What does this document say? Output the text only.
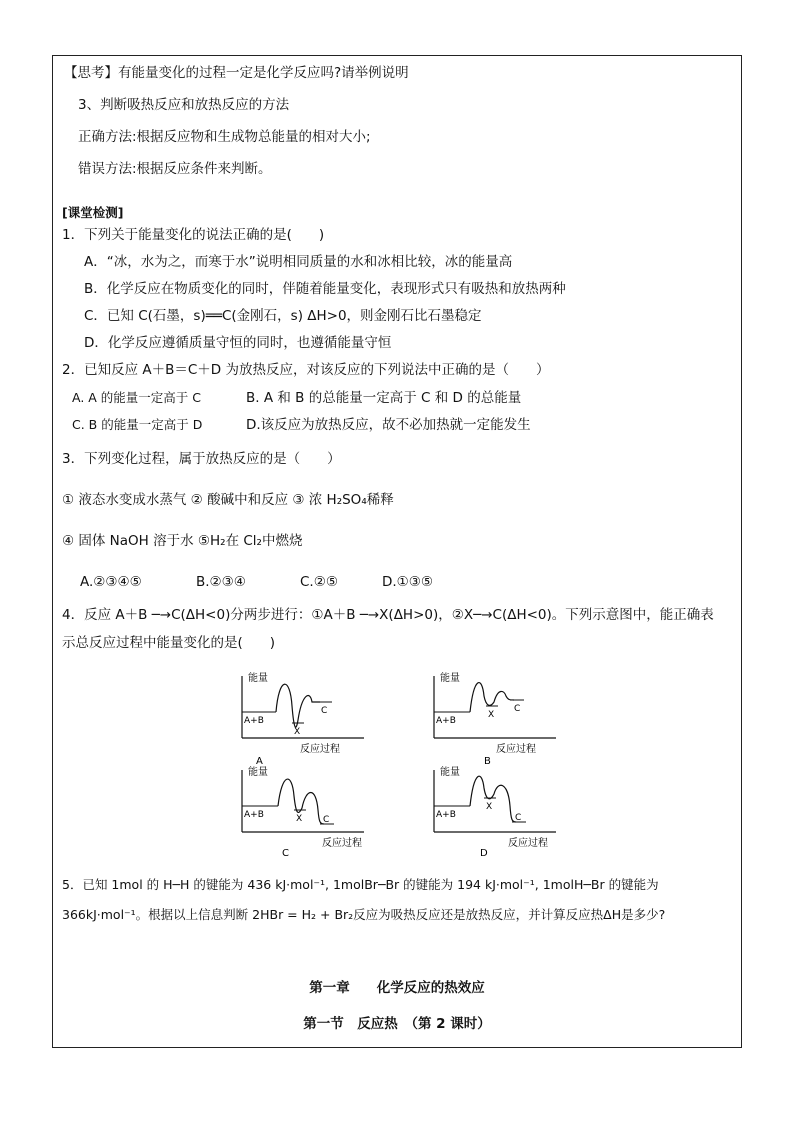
【思考】有能量变化的过程一定是化学反应吗?请举例说明
3、判断吸热反应和放热反应的方法
正确方法:根据反应物和生成物总能量的相对大小;
错误方法:根据反应条件来判断。
[课堂检测]
1．下列关于能量变化的说法正确的是(　　)
A．“冰，水为之，而寒于水”说明相同质量的水和冰相比较，冰的能量高
B．化学反应在物质变化的同时，伴随着能量变化，表现形式只有吸热和放热两种
C．已知 C(石墨，s)══C(金刚石，s) ΔH>0，则金刚石比石墨稳定
D．化学反应遵循质量守恒的同时，也遵循能量守恒
2．已知反应 A＋B＝C＋D 为放热反应，对该反应的下列说法中正确的是（　　）
A. A 的能量一定高于 C	B. A 和 B 的总能量一定高于 C 和 D 的总能量
C. B 的能量一定高于 D	D.该反应为放热反应，故不必加热就一定能发生
3．下列变化过程，属于放热反应的是（　　）
① 液态水变成水蒸气 ② 酸碱中和反应 ③ 浓 H₂SO₄稀释
④ 固体 NaOH 溶于水 ⑤H₂在 Cl₂中燃烧
A.②③④⑤	B.②③④	C.②⑤	D.①③⑤
4．反应 A＋B ─→C(ΔH<0)分两步进行：①A＋B ─→X(ΔH>0)，②X─→C(ΔH<0)。下列示意图中，能正确表
示总反应过程中能量变化的是(　　)
能量
反应过程
A+B
X
C
A
能量
反应过程
A+B
X
C
B
能量
反应过程
A+B	X C
C
能量
反应过程
A+B
X
C
D
5．已知 1mol 的 H─H 的键能为 436 kJ·mol⁻¹, 1molBr─Br 的键能为 194 kJ·mol⁻¹, 1molH─Br 的键能为
366kJ·mol⁻¹。根据以上信息判断 2HBr = H₂ + Br₂反应为吸热反应还是放热反应，并计算反应热ΔH是多少?
第一章　　化学反应的热效应
第一节　反应热　（第 2 课时）
